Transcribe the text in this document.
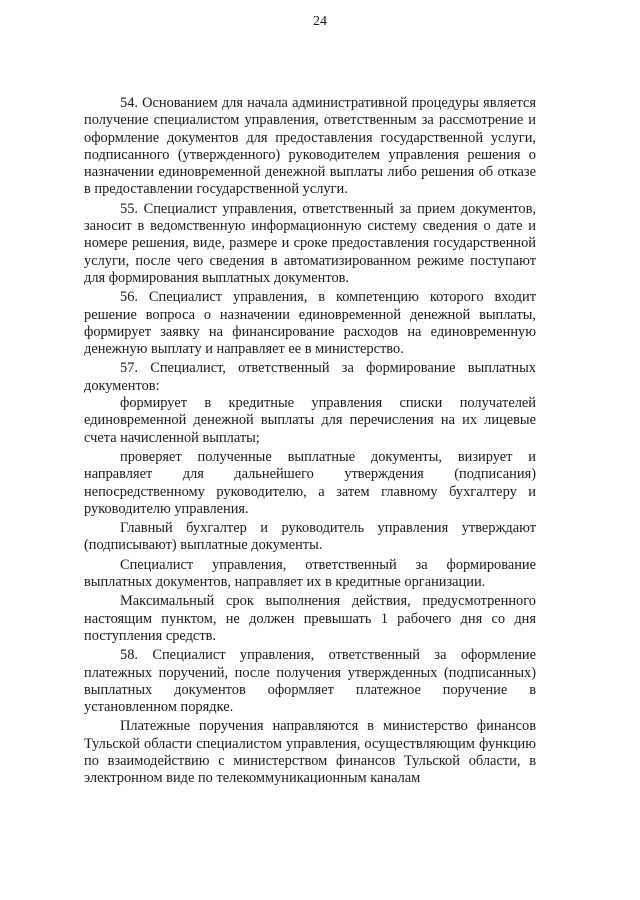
24

54. Основанием для начала административной процедуры является получение специалистом управления, ответственным за рассмотрение и оформление документов для предоставления государственной услуги, подписанного (утвержденного) руководителем управления решения о назначении единовременной денежной выплаты либо решения об отказе в предоставлении государственной услуги.

55. Специалист управления, ответственный за прием документов, заносит в ведомственную информационную систему сведения о дате и номере решения, виде, размере и сроке предоставления государственной услуги, после чего сведения в автоматизированном режиме поступают для формирования выплатных документов.

56. Специалист управления, в компетенцию которого входит решение вопроса о назначении единовременной денежной выплаты, формирует заявку на финансирование расходов на единовременную денежную выплату и направляет ее в министерство.

57. Специалист, ответственный за формирование выплатных документов:

формирует в кредитные управления списки получателей единовременной денежной выплаты для перечисления на их лицевые счета начисленной выплаты;

проверяет полученные выплатные документы, визирует и направляет для дальнейшего утверждения (подписания) непосредственному руководителю, а затем главному бухгалтеру и руководителю управления.

Главный бухгалтер и руководитель управления утверждают (подписывают) выплатные документы.

Специалист управления, ответственный за формирование выплатных документов, направляет их в кредитные организации.

Максимальный срок выполнения действия, предусмотренного настоящим пунктом, не должен превышать 1 рабочего дня со дня поступления средств.

58. Специалист управления, ответственный за оформление платежных поручений, после получения утвержденных (подписанных) выплатных документов оформляет платежное поручение в установленном порядке.

Платежные поручения направляются в министерство финансов Тульской области специалистом управления, осуществляющим функцию по взаимодействию с министерством финансов Тульской области, в электронном виде по телекоммуникационным каналам
